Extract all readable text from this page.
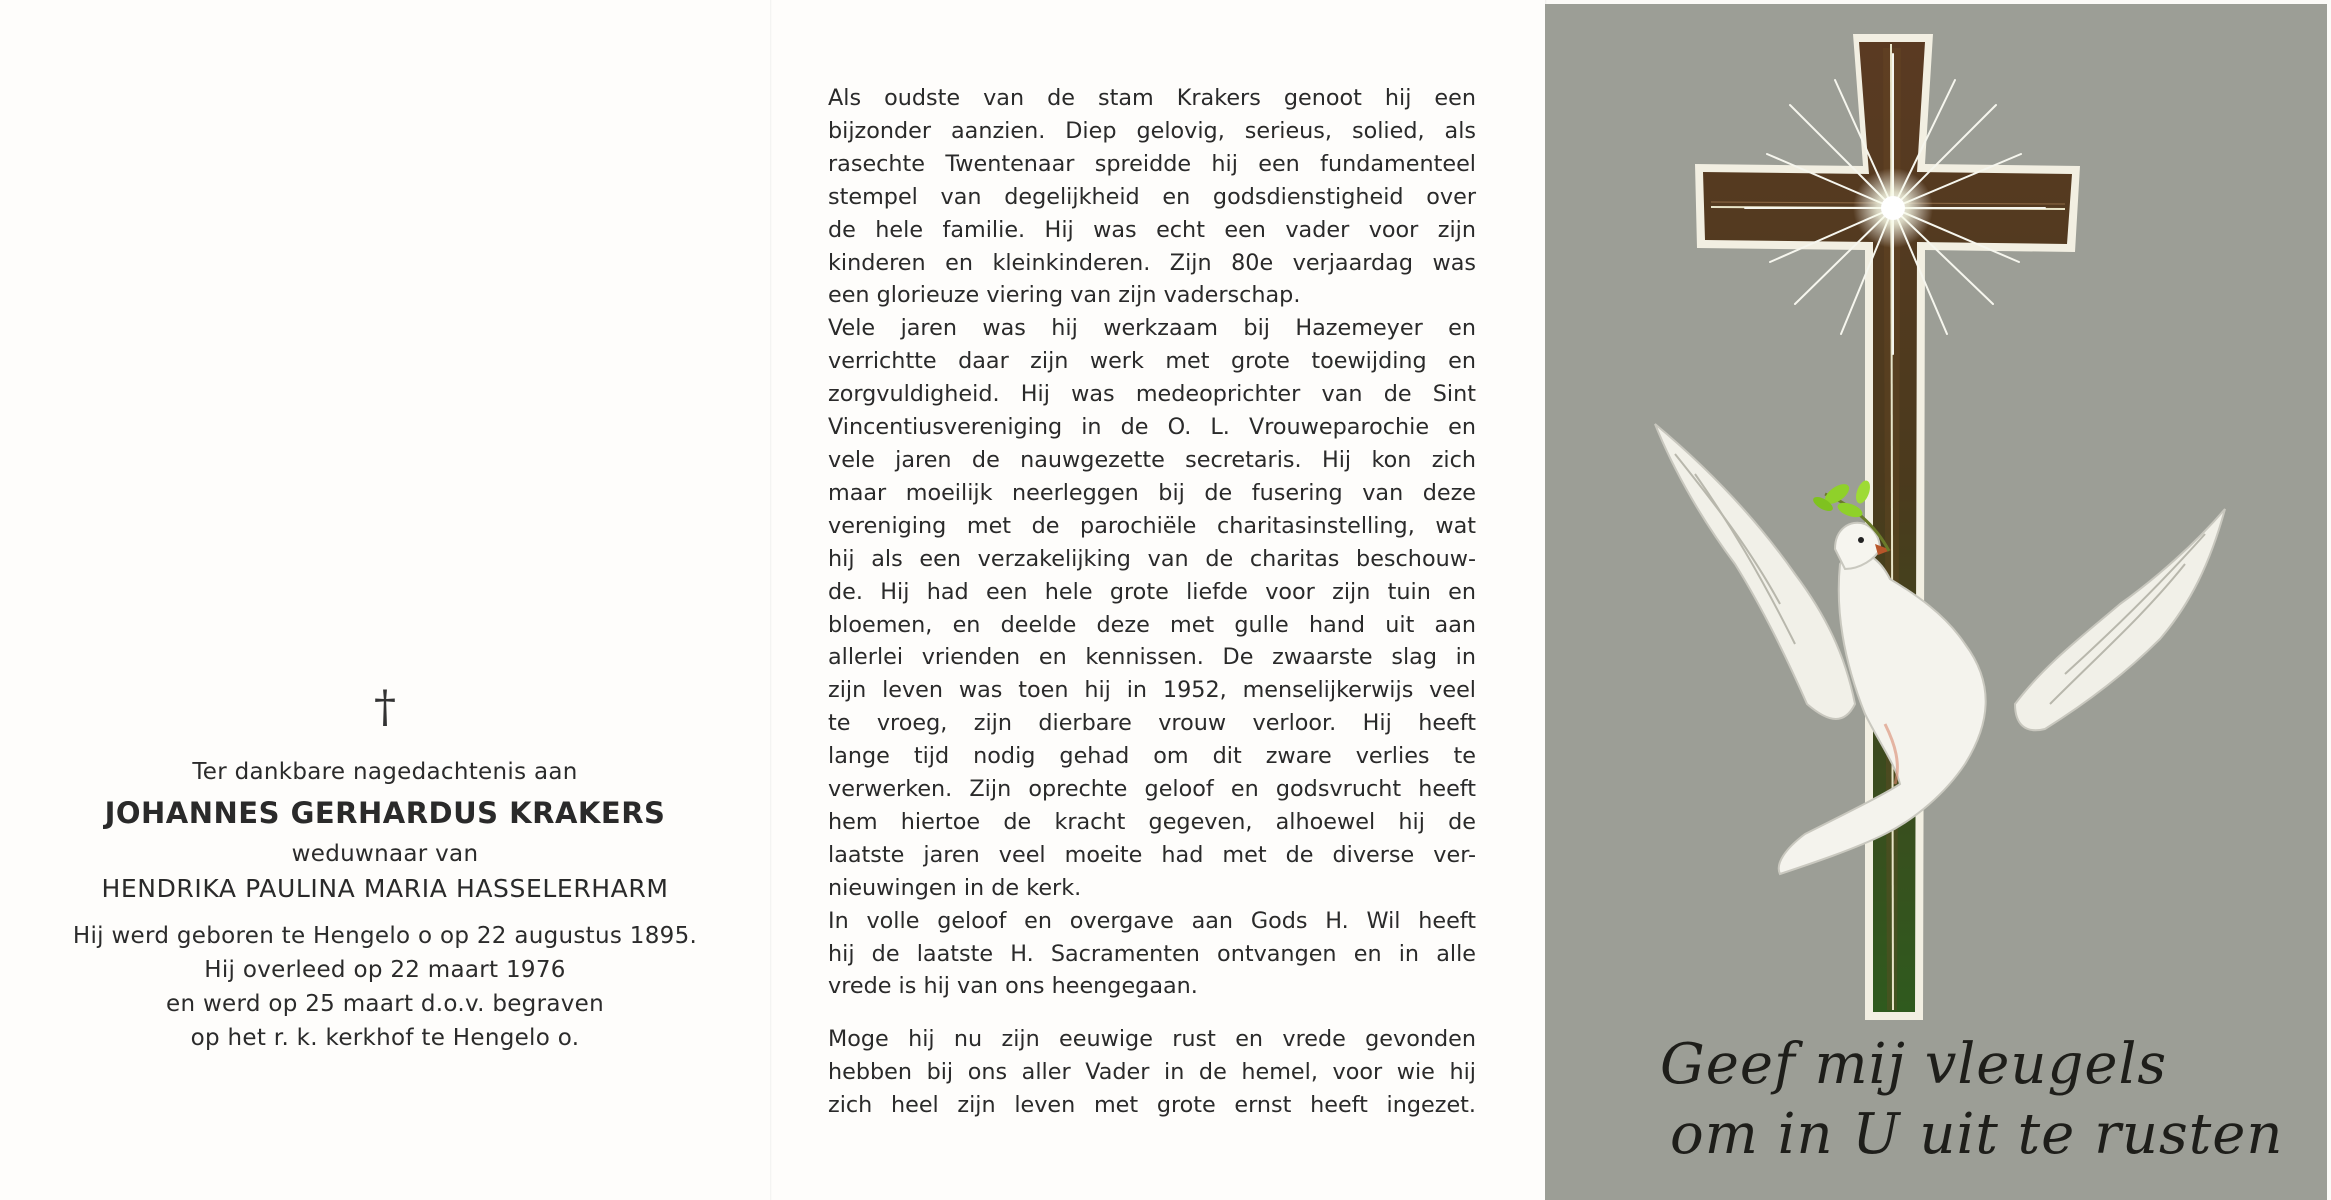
†
Ter dankbare nagedachtenis aan
JOHANNES GERHARDUS KRAKERS
weduwnaar van
HENDRIKA PAULINA MARIA HASSELERHARM
Hij werd geboren te Hengelo o op 22 augustus 1895.
Hij overleed op 22 maart 1976
en werd op 25 maart d.o.v. begraven
op het r. k. kerkhof te Hengelo o.
Als oudste van de stam Krakers genoot hij een
bijzonder aanzien. Diep gelovig, serieus, solied, als
rasechte Twentenaar spreidde hij een fundamenteel
stempel van degelijkheid en godsdienstigheid over
de hele familie. Hij was echt een vader voor zijn
kinderen en kleinkinderen. Zijn 80e verjaardag was
een glorieuze viering van zijn vaderschap.
Vele jaren was hij werkzaam bij Hazemeyer en
verrichtte daar zijn werk met grote toewijding en
zorgvuldigheid. Hij was medeoprichter van de Sint
Vincentiusvereniging in de O. L. Vrouweparochie en
vele jaren de nauwgezette secretaris. Hij kon zich
maar moeilijk neerleggen bij de fusering van deze
vereniging met de parochiële charitasinstelling, wat
hij als een verzakelijking van de charitas beschouw-
de. Hij had een hele grote liefde voor zijn tuin en
bloemen, en deelde deze met gulle hand uit aan
allerlei vrienden en kennissen. De zwaarste slag in
zijn leven was toen hij in 1952, menselijkerwijs veel
te vroeg, zijn dierbare vrouw verloor. Hij heeft
lange tijd nodig gehad om dit zware verlies te
verwerken. Zijn oprechte geloof en godsvrucht heeft
hem hiertoe de kracht gegeven, alhoewel hij de
laatste jaren veel moeite had met de diverse ver-
nieuwingen in de kerk.
In volle geloof en overgave aan Gods H. Wil heeft
hij de laatste H. Sacramenten ontvangen en in alle
vrede is hij van ons heengegaan.
Moge hij nu zijn eeuwige rust en vrede gevonden
hebben bij ons aller Vader in de hemel, voor wie hij
zich heel zijn leven met grote ernst heeft ingezet.
Geef mij vleugels
om in U uit te rusten
